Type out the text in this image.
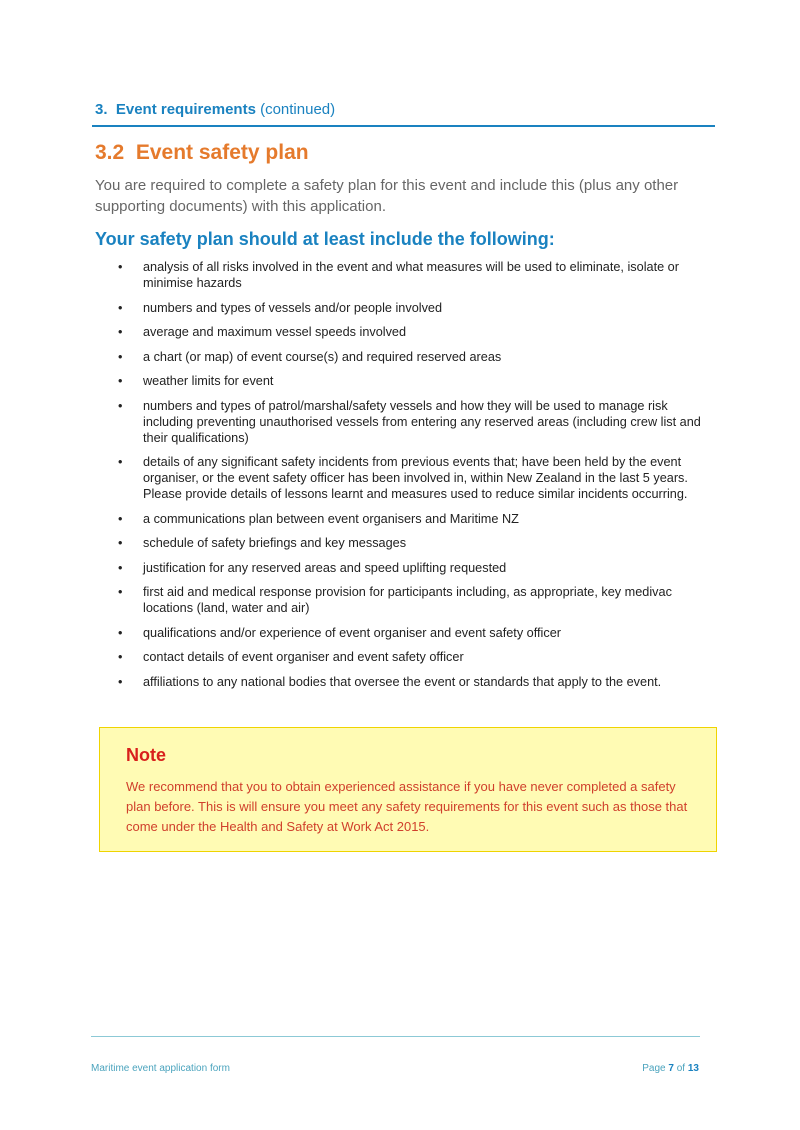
3. Event requirements (continued)
3.2  Event safety plan
You are required to complete a safety plan for this event and include this (plus any other supporting documents) with this application.
Your safety plan should at least include the following:
• analysis of all risks involved in the event and what measures will be used to eliminate, isolate or minimise hazards
• numbers and types of vessels and/or people involved
• average and maximum vessel speeds involved
• a chart (or map) of event course(s) and required reserved areas
• weather limits for event
• numbers and types of patrol/marshal/safety vessels and how they will be used to manage risk including preventing unauthorised vessels from entering any reserved areas (including crew list and their qualifications)
• details of any significant safety incidents from previous events that; have been held by the event organiser, or the event safety officer has been involved in, within New Zealand in the last 5 years. Please provide details of lessons learnt and measures used to reduce similar incidents occurring.
• a communications plan between event organisers and Maritime NZ
• schedule of safety briefings and key messages
• justification for any reserved areas and speed uplifting requested
• first aid and medical response provision for participants including, as appropriate, key medivac locations (land, water and air)
• qualifications and/or experience of event organiser and event safety officer
• contact details of event organiser and event safety officer
• affiliations to any national bodies that oversee the event or standards that apply to the event.
Note
We recommend that you to obtain experienced assistance if you have never completed a safety plan before. This is will ensure you meet any safety requirements for this event such as those that come under the Health and Safety at Work Act 2015.
Maritime event application form	Page 7 of 13
